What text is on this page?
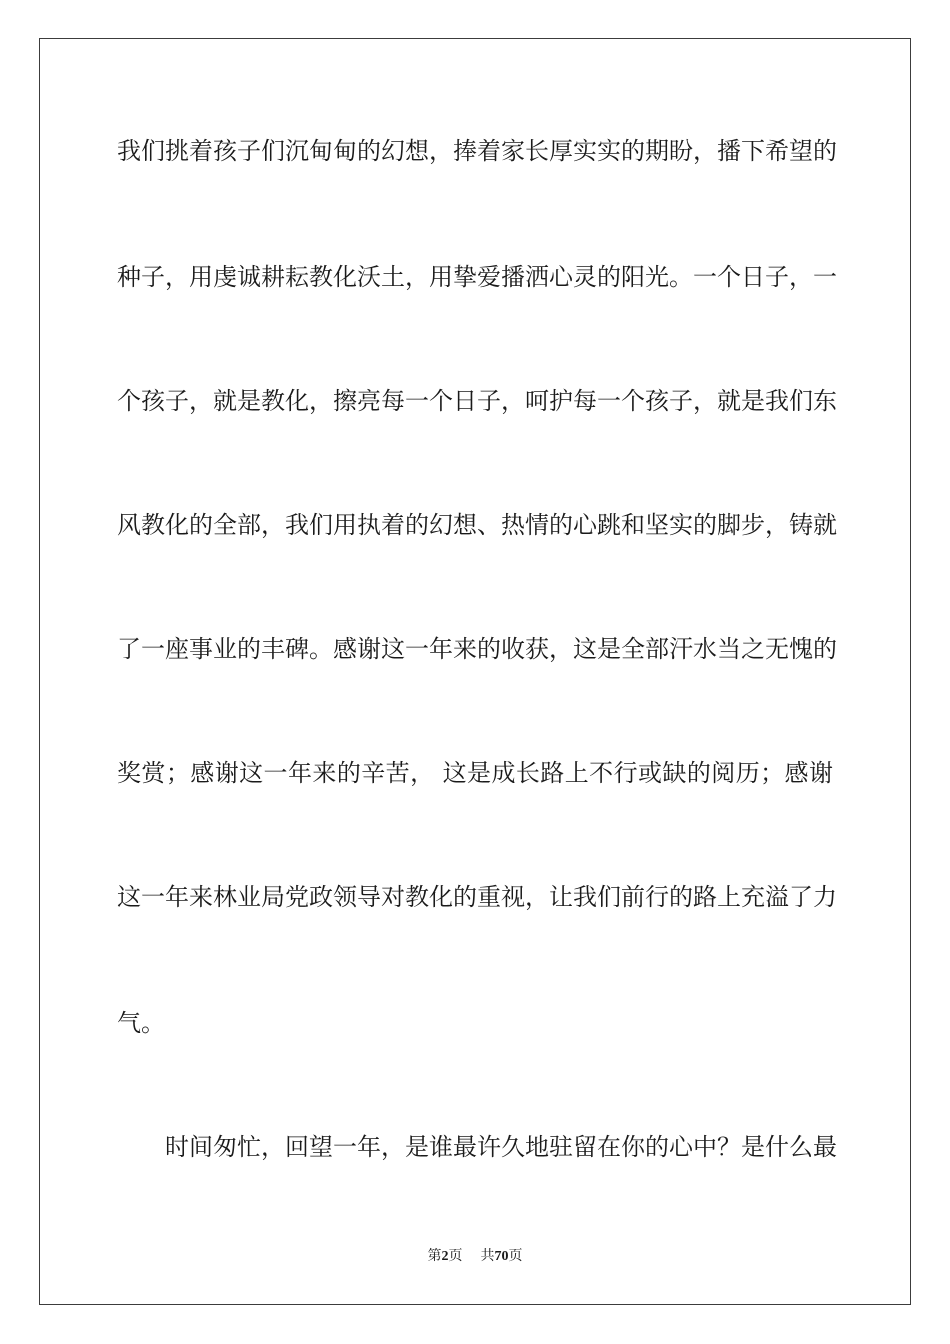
我们挑着孩子们沉甸甸的幻想，捧着家长厚实实的期盼，播下希望的
种子，用虔诚耕耘教化沃土，用挚爱播洒心灵的阳光。一个日子，一
个孩子，就是教化，擦亮每一个日子，呵护每一个孩子，就是我们东
风教化的全部，我们用执着的幻想、热情的心跳和坚实的脚步，铸就
了一座事业的丰碑。感谢这一年来的收获，这是全部汗水当之无愧的
奖赏；感谢这一年来的辛苦， 这是成长路上不行或缺的阅历；感谢
这一年来林业局党政领导对教化的重视，让我们前行的路上充溢了力
气。
时间匆忙，回望一年，是谁最许久地驻留在你的心中？是什么最
第2页 共70页
